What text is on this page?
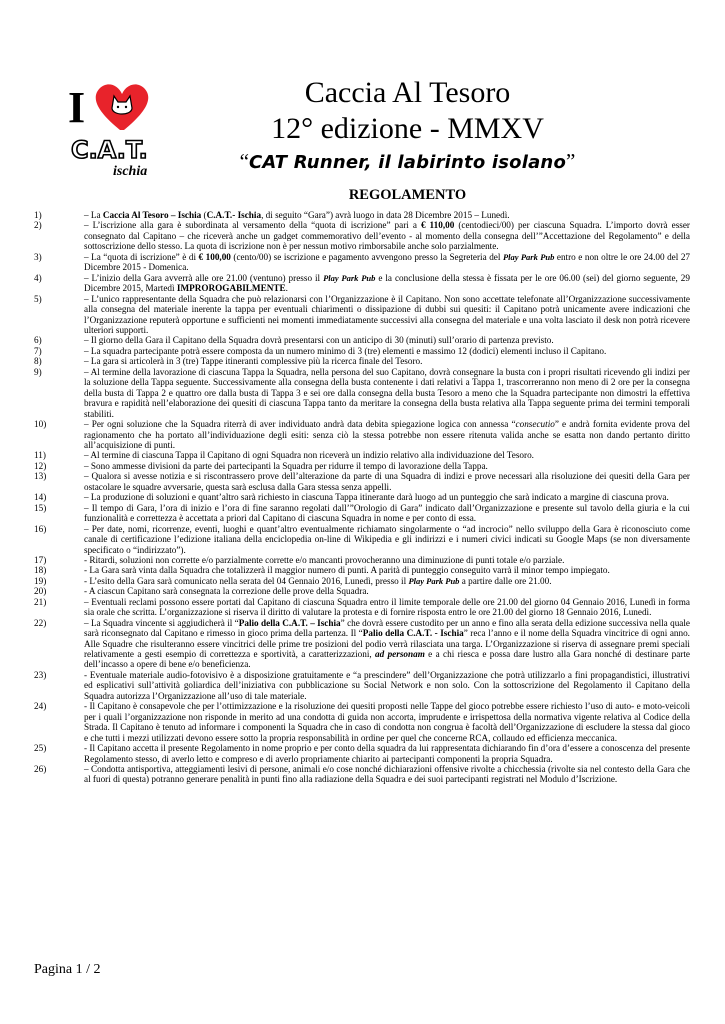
I
C.A.T.
ischia
Caccia Al Tesoro
12° edizione - MMXV
“CAT Runner, il labirinto isolano”
REGOLAMENTO
1)	– La Caccia Al Tesoro – Ischia (C.A.T.- Ischia, di seguito “Gara”) avrà luogo in data 28 Dicembre 2015 – Lunedì.
2)	– L’iscrizione alla gara è subordinata al versamento della “quota di iscrizione” pari a € 110,00 (centodieci/00) per ciascuna Squadra. L’importo dovrà esser consegnato dal Capitano – che riceverà anche un gadget commemorativo dell’evento - al momento della consegna dell’”Accettazione del Regolamento” e della sottoscrizione dello stesso. La quota di iscrizione non è per nessun motivo rimborsabile anche solo parzialmente.
3)	– La “quota di iscrizione” è di € 100,00 (cento/00) se iscrizione e pagamento avvengono presso la Segreteria del Play Park Pub entro e non oltre le ore 24.00 del 27 Dicembre 2015 - Domenica.
4)	– L’inizio della Gara avverrà alle ore 21.00 (ventuno) presso il Play Park Pub e la conclusione della stessa è fissata per le ore 06.00 (sei) del giorno seguente, 29 Dicembre 2015, Martedì IMPROROGABILMENTE.
5)	– L’unico rappresentante della Squadra che può relazionarsi con l’Organizzazione è il Capitano. Non sono accettate telefonate all’Organizzazione successivamente alla consegna del materiale inerente la tappa per eventuali chiarimenti o dissipazione di dubbi sui quesiti: il Capitano potrà unicamente avere indicazioni che l’Organizzazione reputerà opportune e sufficienti nei momenti immediatamente successivi alla consegna del materiale e una volta lasciato il desk non potrà ricevere ulteriori supporti.
6)	– Il giorno della Gara il Capitano della Squadra dovrà presentarsi con un anticipo di 30 (minuti) sull’orario di partenza previsto.
7)	– La squadra partecipante potrà essere composta da un numero minimo di 3 (tre) elementi e massimo 12 (dodici) elementi incluso il Capitano.
8)	– La gara si articolerà in 3 (tre) Tappe itineranti complessive più la ricerca finale del Tesoro.
9)	– Al termine della lavorazione di ciascuna Tappa la Squadra, nella persona del suo Capitano, dovrà consegnare la busta con i propri risultati ricevendo gli indizi per la soluzione della Tappa seguente. Successivamente alla consegna della busta contenente i dati relativi a Tappa 1, trascorreranno non meno di 2 ore per la consegna della busta di Tappa 2 e quattro ore dalla busta di Tappa 3 e sei ore dalla consegna della busta Tesoro a meno che la Squadra partecipante non dimostri la effettiva bravura e rapidità nell’elaborazione dei quesiti di ciascuna Tappa tanto da meritare la consegna della busta relativa alla Tappa seguente prima dei termini temporali stabiliti.
10)	– Per ogni soluzione che la Squadra riterrà di aver individuato andrà data debita spiegazione logica con annessa “consecutio” e andrà fornita evidente prova del ragionamento che ha portato all’individuazione degli esiti: senza ciò la stessa potrebbe non essere ritenuta valida anche se esatta non dando pertanto diritto all’acquisizione di punti.
11)	– Al termine di ciascuna Tappa il Capitano di ogni Squadra non riceverà un indizio relativo alla individuazione del Tesoro.
12)	– Sono ammesse divisioni da parte dei partecipanti la Squadra per ridurre il tempo di lavorazione della Tappa.
13)	– Qualora si avesse notizia e si riscontrassero prove dell’alterazione da parte di una Squadra di indizi e prove necessari alla risoluzione dei quesiti della Gara per ostacolare le squadre avversarie, questa sarà esclusa dalla Gara stessa senza appelli.
14)	– La produzione di soluzioni e quant’altro sarà richiesto in ciascuna Tappa itinerante darà luogo ad un punteggio che sarà indicato a margine di ciascuna prova.
15)	– Il tempo di Gara, l’ora di inizio e l’ora di fine saranno regolati dall’”Orologio di Gara” indicato dall’Organizzazione e presente sul tavolo della giuria e la cui funzionalità e correttezza è accettata a priori dal Capitano di ciascuna Squadra in nome e per conto di essa.
16)	– Per date, nomi, ricorrenze, eventi, luoghi e quant’altro eventualmente richiamato singolarmente o “ad incrocio” nello sviluppo della Gara è riconosciuto come canale di certificazione l’edizione italiana della enciclopedia on-line di Wikipedia e gli indirizzi e i numeri civici indicati su Google Maps (se non diversamente specificato o “indirizzato”).
17)	- Ritardi, soluzioni non corrette e/o parzialmente corrette e/o mancanti provocheranno una diminuzione di punti totale e/o parziale.
18)	- La Gara sarà vinta dalla Squadra che totalizzerà il maggior numero di punti. A parità di punteggio conseguito varrà il minor tempo impiegato.
19)	- L’esito della Gara sarà comunicato nella serata del 04 Gennaio 2016, Lunedì, presso il Play Park Pub a partire dalle ore 21.00.
20)	- A ciascun Capitano sarà consegnata la correzione delle prove della Squadra.
21)	– Eventuali reclami possono essere portati dal Capitano di ciascuna Squadra entro il limite temporale delle ore 21.00 del giorno 04 Gennaio 2016, Lunedì in forma sia orale che scritta. L’organizzazione si riserva il diritto di valutare la protesta e di fornire risposta entro le ore 21.00 del giorno 18 Gennaio 2016, Lunedì.
22)	– La Squadra vincente si aggiudicherà il “Palio della C.A.T. – Ischia” che dovrà essere custodito per un anno e fino alla serata della edizione successiva nella quale sarà riconsegnato dal Capitano e rimesso in gioco prima della partenza. Il “Palio della C.A.T. - Ischia” reca l’anno e il nome della Squadra vincitrice di ogni anno. Alle Squadre che risulteranno essere vincitrici delle prime tre posizioni del podio verrà rilasciata una targa. L’Organizzazione si riserva di assegnare premi speciali relativamente a gesti esempio di correttezza e sportività, a caratterizzazioni, ad personam e a chi riesca e possa dare lustro alla Gara nonché di destinare parte dell’incasso a opere di bene e/o beneficienza.
23)	- Eventuale materiale audio-fotovisivo è a disposizione gratuitamente e “a prescindere” dell’Organizzazione che potrà utilizzarlo a fini propagandistici, illustrativi ed esplicativi sull’attività goliardica dell’iniziativa con pubblicazione su Social Network e non solo. Con la sottoscrizione del Regolamento il Capitano della Squadra autorizza l’Organizzazione all’uso di tale materiale.
24)	- Il Capitano è consapevole che per l’ottimizzazione e la risoluzione dei quesiti proposti nelle Tappe del gioco potrebbe essere richiesto l’uso di auto- e moto-veicoli per i quali l’organizzazione non risponde in merito ad una condotta di guida non accorta, imprudente e irrispettosa della normativa vigente relativa al Codice della Strada. Il Capitano è tenuto ad informare i componenti la Squadra che in caso di condotta non congrua è facoltà dell’Organizzazione di escludere la stessa dal gioco e che tutti i mezzi utilizzati devono essere sotto la propria responsabilità in ordine per quel che concerne RCA, collaudo ed efficienza meccanica.
25)	- Il Capitano accetta il presente Regolamento in nome proprio e per conto della squadra da lui rappresentata dichiarando fin d’ora d’essere a conoscenza del presente Regolamento stesso, di averlo letto e compreso e di averlo propriamente chiarito ai partecipanti componenti la propria Squadra.
26)	– Condotta antisportiva, atteggiamenti lesivi di persone, animali e/o cose nonché dichiarazioni offensive rivolte a chicchessia (rivolte sia nel contesto della Gara che al fuori di questa) potranno generare penalità in punti fino alla radiazione della Squadra e dei suoi partecipanti registrati nel Modulo d’Iscrizione.
Pagina 1 / 2
